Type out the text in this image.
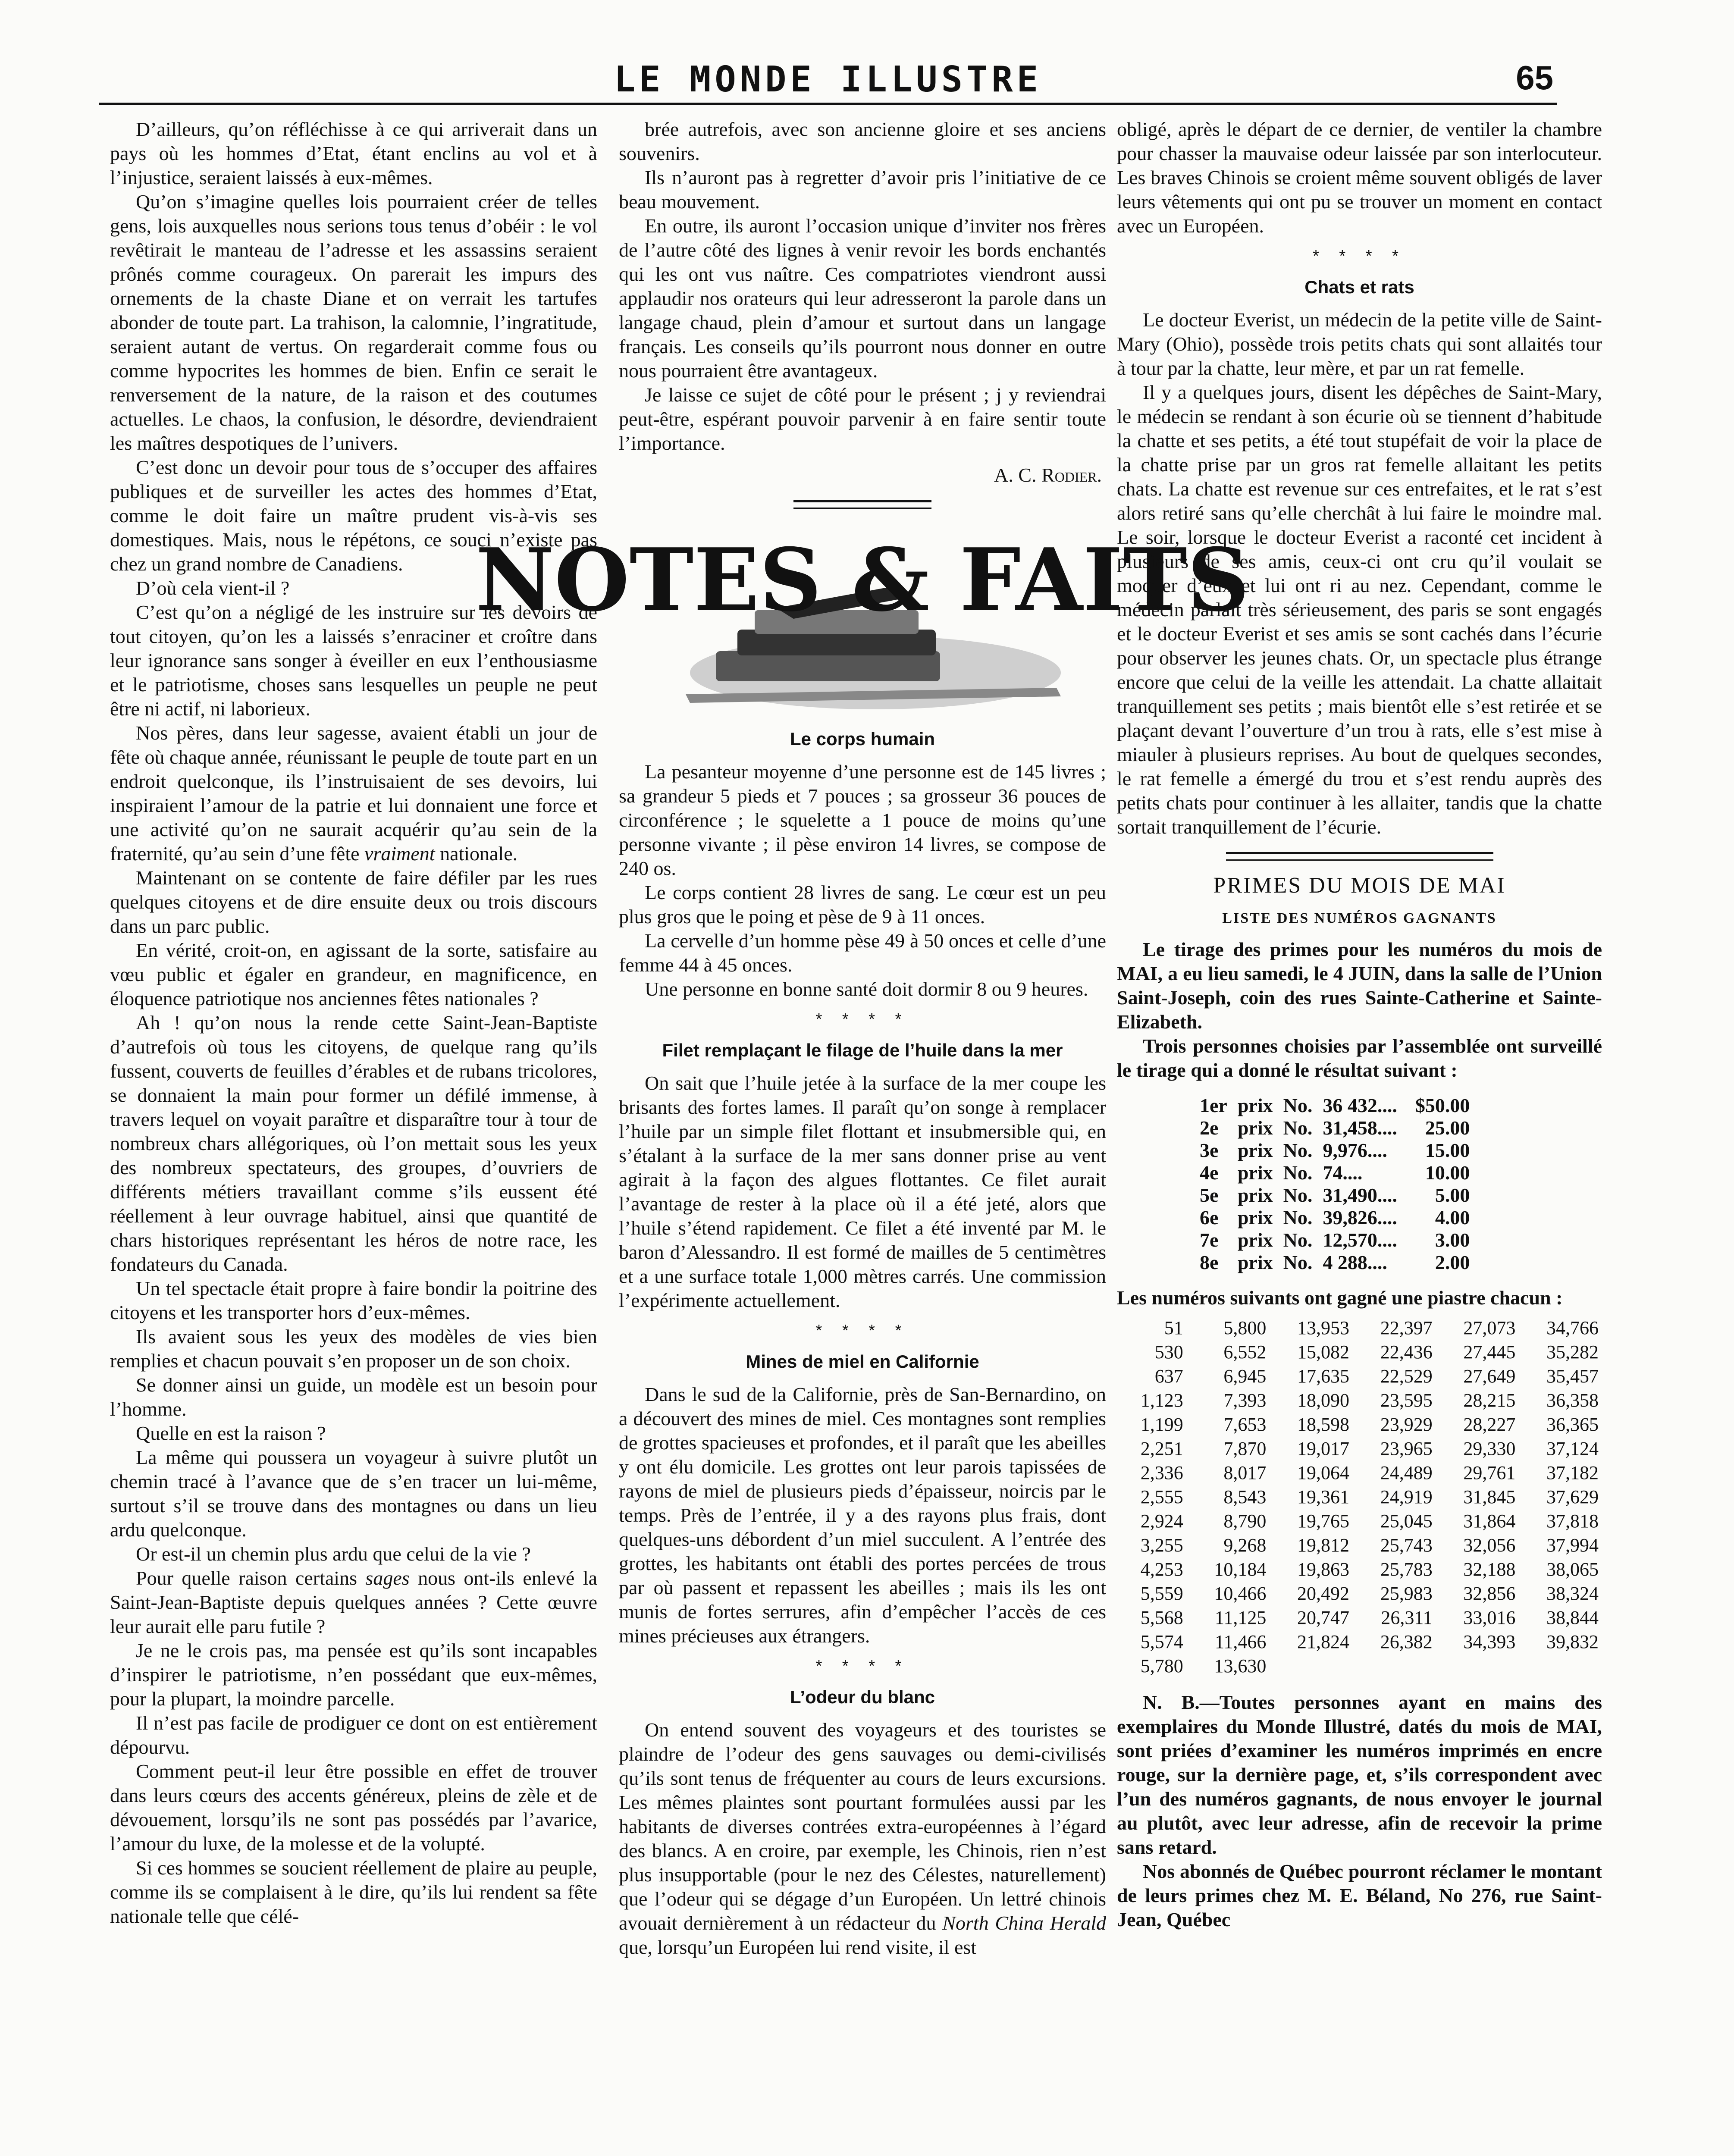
LE MONDE ILLUSTRE	65

D’ailleurs, qu’on réfléchisse à ce qui arriverait dans un pays où les hommes d’Etat, étant enclins au vol et à l’injustice, seraient laissés à eux-mêmes.

Qu’on s’imagine quelles lois pourraient créer de telles gens, lois auxquelles nous serions tous tenus d’obéir : le vol revêtirait le manteau de l’adresse et les assassins seraient prônés comme courageux. On parerait les impurs des ornements de la chaste Diane et on verrait les tartufes abonder de toute part. La trahison, la calomnie, l’ingratitude, seraient autant de vertus. On regarderait comme fous ou comme hypocrites les hommes de bien. Enfin ce serait le renversement de la nature, de la raison et des coutumes actuelles. Le chaos, la confusion, le désordre, deviendraient les maîtres despotiques de l’univers.

C’est donc un devoir pour tous de s’occuper des affaires publiques et de surveiller les actes des hommes d’Etat, comme le doit faire un maître prudent vis-à-vis ses domestiques. Mais, nous le répétons, ce souci n’existe pas chez un grand nombre de Canadiens.

D’où cela vient-il ?

C’est qu’on a négligé de les instruire sur les devoirs de tout citoyen, qu’on les a laissés s’enraciner et croître dans leur ignorance sans songer à éveiller en eux l’enthousiasme et le patriotisme, choses sans lesquelles un peuple ne peut être ni actif, ni laborieux.

Nos pères, dans leur sagesse, avaient établi un jour de fête où chaque année, réunissant le peuple de toute part en un endroit quelconque, ils l’instruisaient de ses devoirs, lui inspiraient l’amour de la patrie et lui donnaient une force et une activité qu’on ne saurait acquérir qu’au sein de la fraternité, qu’au sein d’une fête vraiment nationale.

Maintenant on se contente de faire défiler par les rues quelques citoyens et de dire ensuite deux ou trois discours dans un parc public.

En vérité, croit-on, en agissant de la sorte, satisfaire au vœu public et égaler en grandeur, en magnificence, en éloquence patriotique nos anciennes fêtes nationales ?

Ah ! qu’on nous la rende cette Saint-Jean-Baptiste d’autrefois où tous les citoyens, de quelque rang qu’ils fussent, couverts de feuilles d’érables et de rubans tricolores, se donnaient la main pour former un défilé immense, à travers lequel on voyait paraître et disparaître tour à tour de nombreux chars allégoriques, où l’on mettait sous les yeux des nombreux spectateurs, des groupes, d’ouvriers de différents métiers travaillant comme s’ils eussent été réellement à leur ouvrage habituel, ainsi que quantité de chars historiques représentant les héros de notre race, les fondateurs du Canada.

Un tel spectacle était propre à faire bondir la poitrine des citoyens et les transporter hors d’eux-mêmes.

Ils avaient sous les yeux des modèles de vies bien remplies et chacun pouvait s’en proposer un de son choix.

Se donner ainsi un guide, un modèle est un besoin pour l’homme.

Quelle en est la raison ?

La même qui poussera un voyageur à suivre plutôt un chemin tracé à l’avance que de s’en tracer un lui-même, surtout s’il se trouve dans des montagnes ou dans un lieu ardu quelconque.

Or est-il un chemin plus ardu que celui de la vie ?

Pour quelle raison certains sages nous ont-ils enlevé la Saint-Jean-Baptiste depuis quelques années ? Cette œuvre leur aurait elle paru futile ?

Je ne le crois pas, ma pensée est qu’ils sont incapables d’inspirer le patriotisme, n’en possédant que eux-mêmes, pour la plupart, la moindre parcelle.

Il n’est pas facile de prodiguer ce dont on est entièrement dépourvu.

Comment peut-il leur être possible en effet de trouver dans leurs cœurs des accents généreux, pleins de zèle et de dévouement, lorsqu’ils ne sont pas possédés par l’avarice, l’amour du luxe, de la molesse et de la volupté.

Si ces hommes se soucient réellement de plaire au peuple, comme ils se complaisent à le dire, qu’ils lui rendent sa fête nationale telle que célé-

brée autrefois, avec son ancienne gloire et ses anciens souvenirs.

Ils n’auront pas à regretter d’avoir pris l’initiative de ce beau mouvement.

En outre, ils auront l’occasion unique d’inviter nos frères de l’autre côté des lignes à venir revoir les bords enchantés qui les ont vus naître. Ces compatriotes viendront aussi applaudir nos orateurs qui leur adresseront la parole dans un langage chaud, plein d’amour et surtout dans un langage français. Les conseils qu’ils pourront nous donner en outre nous pourraient être avantageux.

Je laisse ce sujet de côté pour le présent ; j y reviendrai peut-être, espérant pouvoir parvenir à en faire sentir toute l’importance.

A. C. Rodier.
NOTES & FAITS
Le corps humain

La pesanteur moyenne d’une personne est de 145 livres ; sa grandeur 5 pieds et 7 pouces ; sa grosseur 36 pouces de circonférence ; le squelette a 1 pouce de moins qu’une personne vivante ; il pèse environ 14 livres, se compose de 240 os.

Le corps contient 28 livres de sang. Le cœur est un peu plus gros que le poing et pèse de 9 à 11 onces.

La cervelle d’un homme pèse 49 à 50 onces et celle d’une femme 44 à 45 onces.

Une personne en bonne santé doit dormir 8 ou 9 heures.

* * * *
Filet remplaçant le filage de l’huile dans la mer

On sait que l’huile jetée à la surface de la mer coupe les brisants des fortes lames. Il paraît qu’on songe à remplacer l’huile par un simple filet flottant et insubmersible qui, en s’étalant à la surface de la mer sans donner prise au vent agirait à la façon des algues flottantes. Ce filet aurait l’avantage de rester à la place où il a été jeté, alors que l’huile s’étend rapidement. Ce filet a été inventé par M. le baron d’Alessandro. Il est formé de mailles de 5 centimètres et a une surface totale 1,000 mètres carrés. Une commission l’expérimente actuellement.

* * * *
Mines de miel en Californie

Dans le sud de la Californie, près de San-Bernardino, on a découvert des mines de miel. Ces montagnes sont remplies de grottes spacieuses et profondes, et il paraît que les abeilles y ont élu domicile. Les grottes ont leur parois tapissées de rayons de miel de plusieurs pieds d’épaisseur, noircis par le temps. Près de l’entrée, il y a des rayons plus frais, dont quelques-uns débordent d’un miel succulent. A l’entrée des grottes, les habitants ont établi des portes percées de trous par où passent et repassent les abeilles ; mais ils les ont munis de fortes serrures, afin d’empêcher l’accès de ces mines précieuses aux étrangers.

* * * *
L’odeur du blanc

On entend souvent des voyageurs et des touristes se plaindre de l’odeur des gens sauvages ou demi-civilisés qu’ils sont tenus de fréquenter au cours de leurs excursions. Les mêmes plaintes sont pourtant formulées aussi par les habitants de diverses contrées extra-européennes à l’égard des blancs. A en croire, par exemple, les Chinois, rien n’est plus insupportable (pour le nez des Célestes, naturellement) que l’odeur qui se dégage d’un Européen. Un lettré chinois avouait dernièrement à un rédacteur du North China Herald que, lorsqu’un Européen lui rend visite, il est

obligé, après le départ de ce dernier, de ventiler la chambre pour chasser la mauvaise odeur laissée par son interlocuteur. Les braves Chinois se croient même souvent obligés de laver leurs vêtements qui ont pu se trouver un moment en contact avec un Européen.

* * * *
Chats et rats

Le docteur Everist, un médecin de la petite ville de Saint-Mary (Ohio), possède trois petits chats qui sont allaités tour à tour par la chatte, leur mère, et par un rat femelle.

Il y a quelques jours, disent les dépêches de Saint-Mary, le médecin se rendant à son écurie où se tiennent d’habitude la chatte et ses petits, a été tout stupéfait de voir la place de la chatte prise par un gros rat femelle allaitant les petits chats. La chatte est revenue sur ces entrefaites, et le rat s’est alors retiré sans qu’elle cherchât à lui faire le moindre mal. Le soir, lorsque le docteur Everist a raconté cet incident à plusieurs de ses amis, ceux-ci ont cru qu’il voulait se moquer d’eux et lui ont ri au nez. Cependant, comme le médecin parlait très sérieusement, des paris se sont engagés et le docteur Everist et ses amis se sont cachés dans l’écurie pour observer les jeunes chats. Or, un spectacle plus étrange encore que celui de la veille les attendait. La chatte allaitait tranquillement ses petits ; mais bientôt elle s’est retirée et se plaçant devant l’ouverture d’un trou à rats, elle s’est mise à miauler à plusieurs reprises. Au bout de quelques secondes, le rat femelle a émergé du trou et s’est rendu auprès des petits chats pour continuer à les allaiter, tandis que la chatte sortait tranquillement de l’écurie.

PRIMES DU MOIS DE MAI
LISTE DES NUMÉROS GAGNANTS

Le tirage des primes pour les numéros du mois de MAI, a eu lieu samedi, le 4 JUIN, dans la salle de l’Union Saint-Joseph, coin des rues Sainte-Catherine et Sainte-Elizabeth.

Trois personnes choisies par l’assemblée ont surveillé le tirage qui a donné le résultat suivant :

1er	prix	No.	36 432....	$50.00
2e	prix	No.	31,458....	25.00
3e	prix	No.	9,976....	15.00
4e	prix	No.	74....	10.00
5e	prix	No.	31,490....	5.00
6e	prix	No.	39,826....	4.00
7e	prix	No.	12,570....	3.00
8e	prix	No.	4 288....	2.00

Les numéros suivants ont gagné une piastre chacun :

51	5,800	13,953	22,397	27,073	34,766
530	6,552	15,082	22,436	27,445	35,282
637	6,945	17,635	22,529	27,649	35,457
1,123	7,393	18,090	23,595	28,215	36,358
1,199	7,653	18,598	23,929	28,227	36,365
2,251	7,870	19,017	23,965	29,330	37,124
2,336	8,017	19,064	24,489	29,761	37,182
2,555	8,543	19,361	24,919	31,845	37,629
2,924	8,790	19,765	25,045	31,864	37,818
3,255	9,268	19,812	25,743	32,056	37,994
4,253	10,184	19,863	25,783	32,188	38,065
5,559	10,466	20,492	25,983	32,856	38,324
5,568	11,125	20,747	26,311	33,016	38,844
5,574	11,466	21,824	26,382	34,393	39,832
5,780	13,630				

N. B.—Toutes personnes ayant en mains des exemplaires du Monde Illustré, datés du mois de MAI, sont priées d’examiner les numéros imprimés en encre rouge, sur la dernière page, et, s’ils correspondent avec l’un des numéros gagnants, de nous envoyer le journal au plutôt, avec leur adresse, afin de recevoir la prime sans retard.

Nos abonnés de Québec pourront réclamer le montant de leurs primes chez M. E. Béland, No 276, rue Saint-Jean, Québec
